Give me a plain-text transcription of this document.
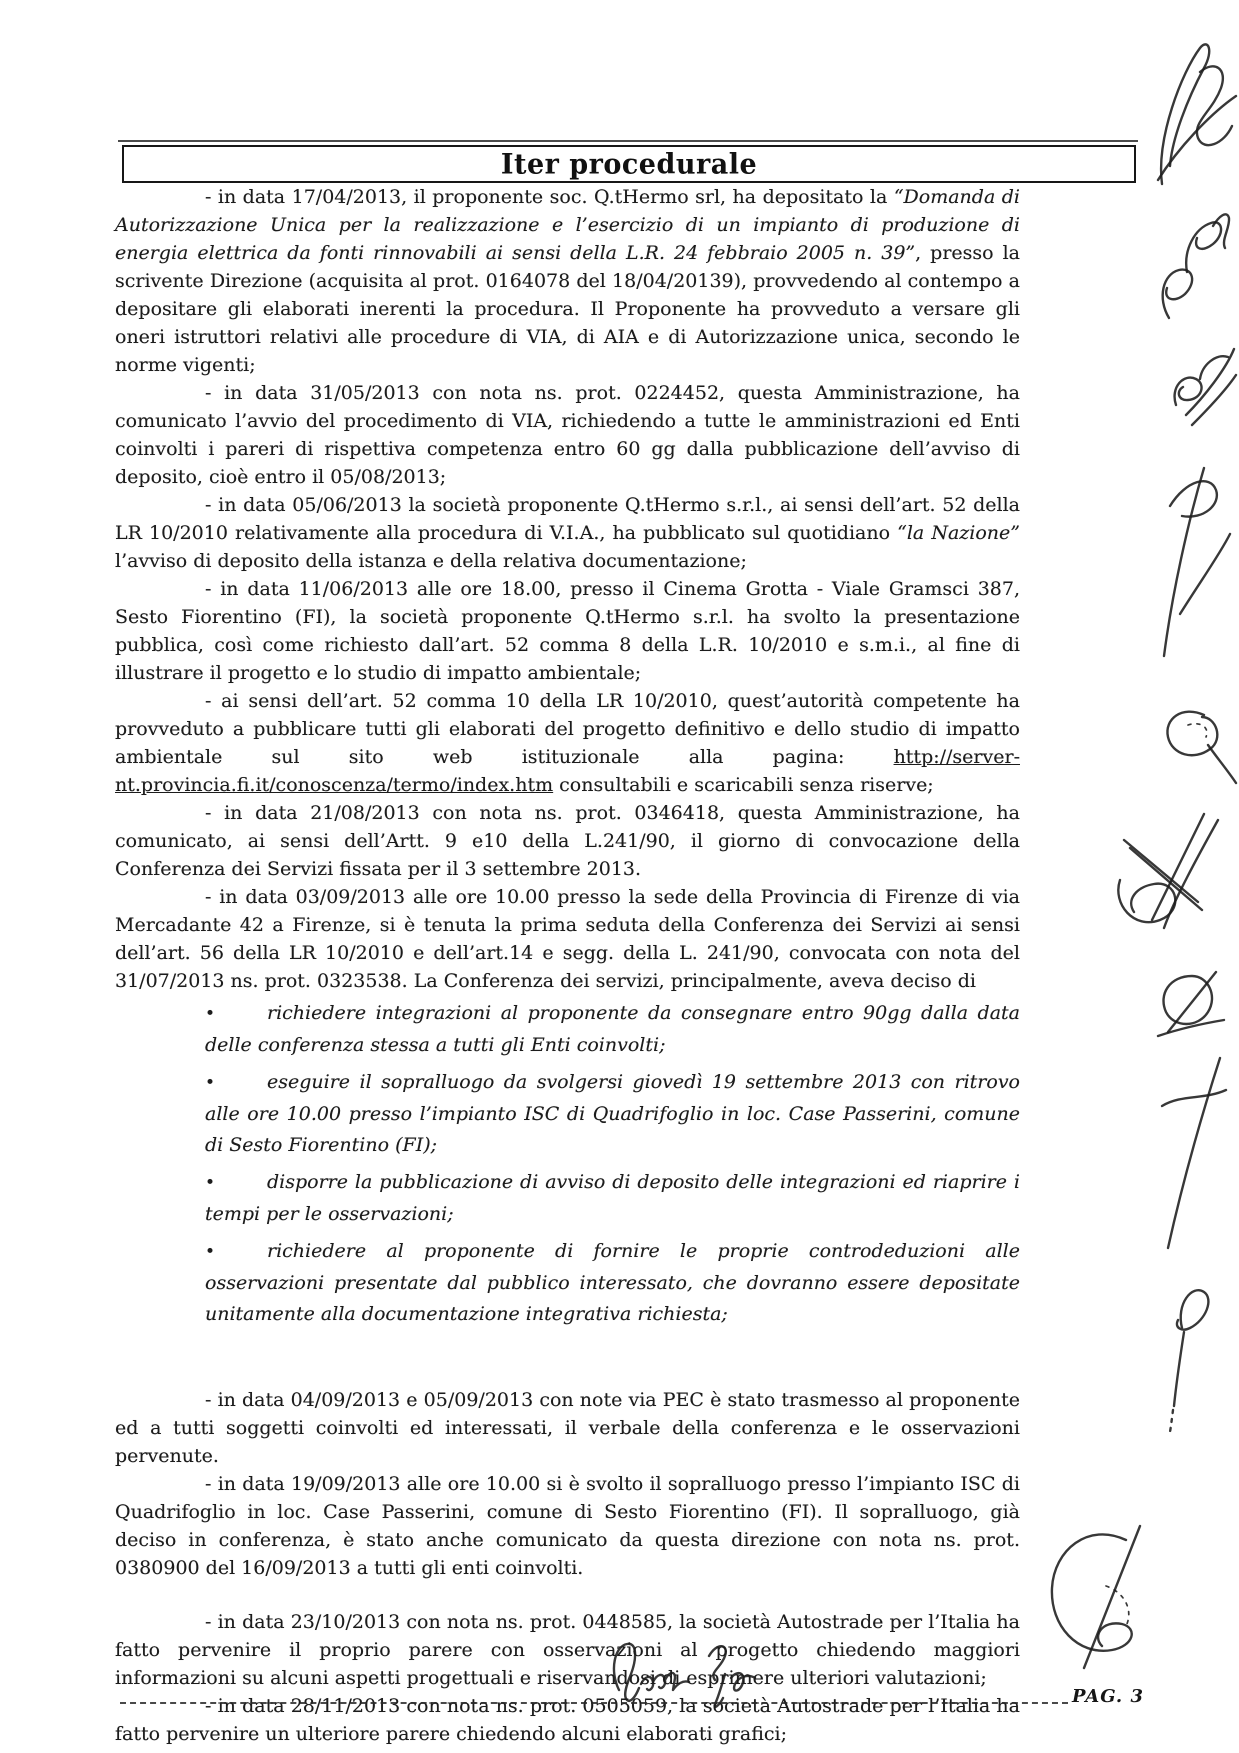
Iter procedurale

- in data 17/04/2013, il proponente soc. Q.tHermo srl, ha depositato la “Domanda di Autorizzazione Unica per la realizzazione e l’esercizio di un impianto di produzione di energia elettrica da fonti rinnovabili ai sensi della L.R. 24 febbraio 2005 n. 39”, presso la scrivente Direzione (acquisita al prot. 0164078 del 18/04/20139), provvedendo al contempo a depositare gli elaborati inerenti la procedura. Il Proponente ha provveduto a versare gli oneri istruttori relativi alle procedure di VIA, di AIA e di Autorizzazione unica, secondo le norme vigenti;

- in data 31/05/2013 con nota ns. prot. 0224452, questa Amministrazione, ha comunicato l’avvio del procedimento di VIA, richiedendo a tutte le amministrazioni ed Enti coinvolti i pareri di rispettiva competenza entro 60 gg dalla pubblicazione dell’avviso di deposito, cioè entro il 05/08/2013;

- in data 05/06/2013 la società proponente Q.tHermo s.r.l., ai sensi dell’art. 52 della LR 10/2010 relativamente alla procedura di V.I.A., ha pubblicato sul quotidiano “la Nazione” l’avviso di deposito della istanza e della relativa documentazione;

- in data 11/06/2013 alle ore 18.00, presso il Cinema Grotta - Viale Gramsci 387, Sesto Fiorentino (FI), la società proponente Q.tHermo s.r.l. ha svolto la presentazione pubblica, così come richiesto dall’art. 52 comma 8 della L.R. 10/2010 e s.m.i., al fine di illustrare il progetto e lo studio di impatto ambientale;

- ai sensi dell’art. 52 comma 10 della LR 10/2010, quest’autorità competente ha provveduto a pubblicare tutti gli elaborati del progetto definitivo e dello studio di impatto ambientale sul sito web istituzionale alla pagina: http://server-nt.provincia.fi.it/conoscenza/termo/index.htm consultabili e scaricabili senza riserve;

- in data 21/08/2013 con nota ns. prot. 0346418, questa Amministrazione, ha comunicato, ai sensi dell’Artt. 9 e10 della L.241/90, il giorno di convocazione della Conferenza dei Servizi fissata per il 3 settembre 2013.

- in data 03/09/2013 alle ore 10.00 presso la sede della Provincia di Firenze di via Mercadante 42 a Firenze, si è tenuta la prima seduta della Conferenza dei Servizi ai sensi dell’art. 56 della LR 10/2010 e dell’art.14 e segg. della L. 241/90, convocata con nota del 31/07/2013 ns. prot. 0323538. La Conferenza dei servizi, principalmente, aveva deciso di

•	richiedere integrazioni al proponente da consegnare entro 90gg dalla data delle conferenza stessa a tutti gli Enti coinvolti;
•	eseguire il sopralluogo da svolgersi giovedì 19 settembre 2013 con ritrovo alle ore 10.00 presso l’impianto ISC di Quadrifoglio in loc. Case Passerini, comune di Sesto Fiorentino (FI);
•	disporre la pubblicazione di avviso di deposito delle integrazioni ed riaprire i tempi per le osservazioni;
•	richiedere al proponente di fornire le proprie controdeduzioni alle osservazioni presentate dal pubblico interessato, che dovranno essere depositate unitamente alla documentazione integrativa richiesta;

- in data 04/09/2013 e 05/09/2013 con note via PEC è stato trasmesso al proponente ed a tutti soggetti coinvolti ed interessati, il verbale della conferenza e le osservazioni pervenute.

- in data 19/09/2013 alle ore 10.00 si è svolto il sopralluogo presso l’impianto ISC di Quadrifoglio in loc. Case Passerini, comune di Sesto Fiorentino (FI). Il sopralluogo, già deciso in conferenza, è stato anche comunicato da questa direzione con nota ns. prot. 0380900 del 16/09/2013 a tutti gli enti coinvolti.

- in data 23/10/2013 con nota ns. prot. 0448585, la società Autostrade per l’Italia ha fatto pervenire il proprio parere con osservazioni al progetto chiedendo maggiori informazioni su alcuni aspetti progettuali e riservandosi di esprimere ulteriori valutazioni;

- in data 28/11/2013 con nota ns. prot. 0505059, la società Autostrade per l’Italia ha fatto pervenire un ulteriore parere chiedendo alcuni elaborati grafici;

PAG. 3
